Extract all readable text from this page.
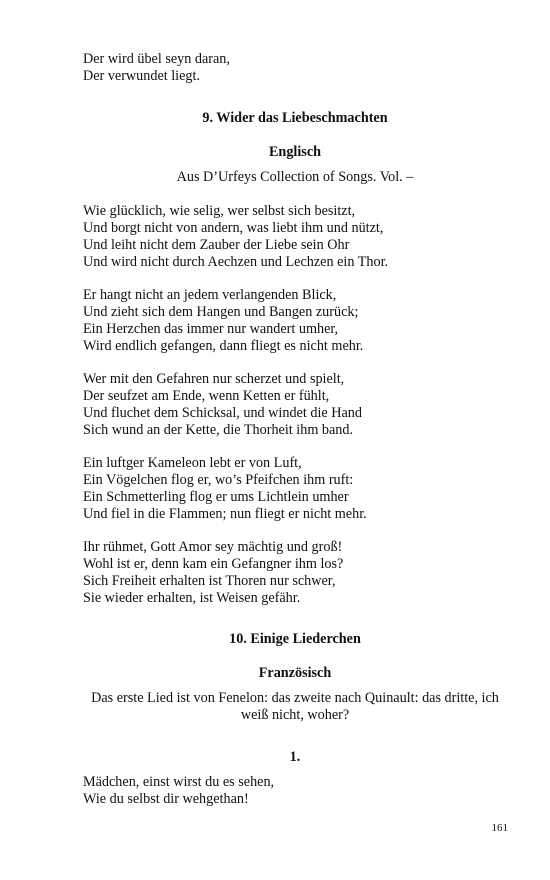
Der wird übel seyn daran,
Der verwundet liegt.
9. Wider das Liebeschmachten
Englisch
Aus D’Urfeys Collection of Songs. Vol. –
Wie glücklich, wie selig, wer selbst sich besitzt,
Und borgt nicht von andern, was liebt ihm und nützt,
Und leiht nicht dem Zauber der Liebe sein Ohr
Und wird nicht durch Aechzen und Lechzen ein Thor.
Er hangt nicht an jedem verlangenden Blick,
Und zieht sich dem Hangen und Bangen zurück;
Ein Herzchen das immer nur wandert umher,
Wird endlich gefangen, dann fliegt es nicht mehr.
Wer mit den Gefahren nur scherzet und spielt,
Der seufzet am Ende, wenn Ketten er fühlt,
Und fluchet dem Schicksal, und windet die Hand
Sich wund an der Kette, die Thorheit ihm band.
Ein luftger Kameleon lebt er von Luft,
Ein Vögelchen flog er, wo’s Pfeifchen ihm ruft:
Ein Schmetterling flog er ums Lichtlein umher
Und fiel in die Flammen; nun fliegt er nicht mehr.
Ihr rühmet, Gott Amor sey mächtig und groß!
Wohl ist er, denn kam ein Gefangner ihm los?
Sich Freiheit erhalten ist Thoren nur schwer,
Sie wieder erhalten, ist Weisen gefähr.
10. Einige Liederchen
Französisch
Das erste Lied ist von Fenelon: das zweite nach Quinault: das dritte, ich weiß nicht, woher?
1.
Mädchen, einst wirst du es sehen,
Wie du selbst dir wehgethan!
161
